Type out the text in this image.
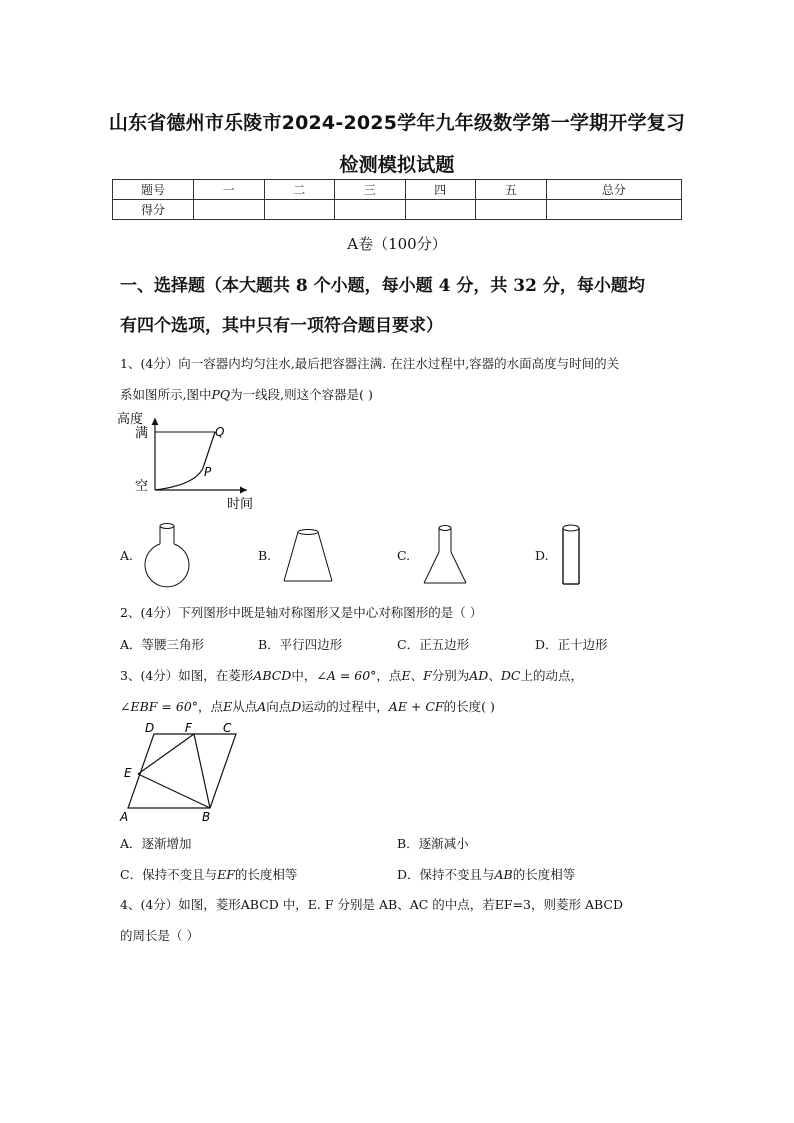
山东省德州市乐陵市2024-2025学年九年级数学第一学期开学复习
检测模拟试题
题号	一	二	三	四	五	总分
得分						
A卷（100分）
一、选择题（本大题共 8 个小题，每小题 4 分，共 32 分，每小题均
有四个选项，其中只有一项符合题目要求）
1、(4分）向一容器内均匀注水,最后把容器注满. 在注水过程中,容器的水面高度与时间的关
系如图所示,图中PQ为一线段,则这个容器是( )
高度
满
空
时间
Q
P
A.	B.	C.	D.
2、(4分）下列图形中既是轴对称图形又是中心对称图形的是（ ）
A．等腰三角形	B．平行四边形	C．正五边形	D．正十边形
3、(4分）如图，在菱形ABCD中，∠A = 60°，点E、F分别为AD、DC上的动点，
∠EBF = 60°，点E从点A向点D运动的过程中，AE + CF的长度( )
D	F	C
E
A	B
A．逐渐增加	B．逐渐减小
C．保持不变且与EF的长度相等	D．保持不变且与AB的长度相等
4、(4分）如图，菱形ABCD 中，E. F 分别是 AB、AC 的中点，若EF=3，则菱形 ABCD
的周长是（ ）
